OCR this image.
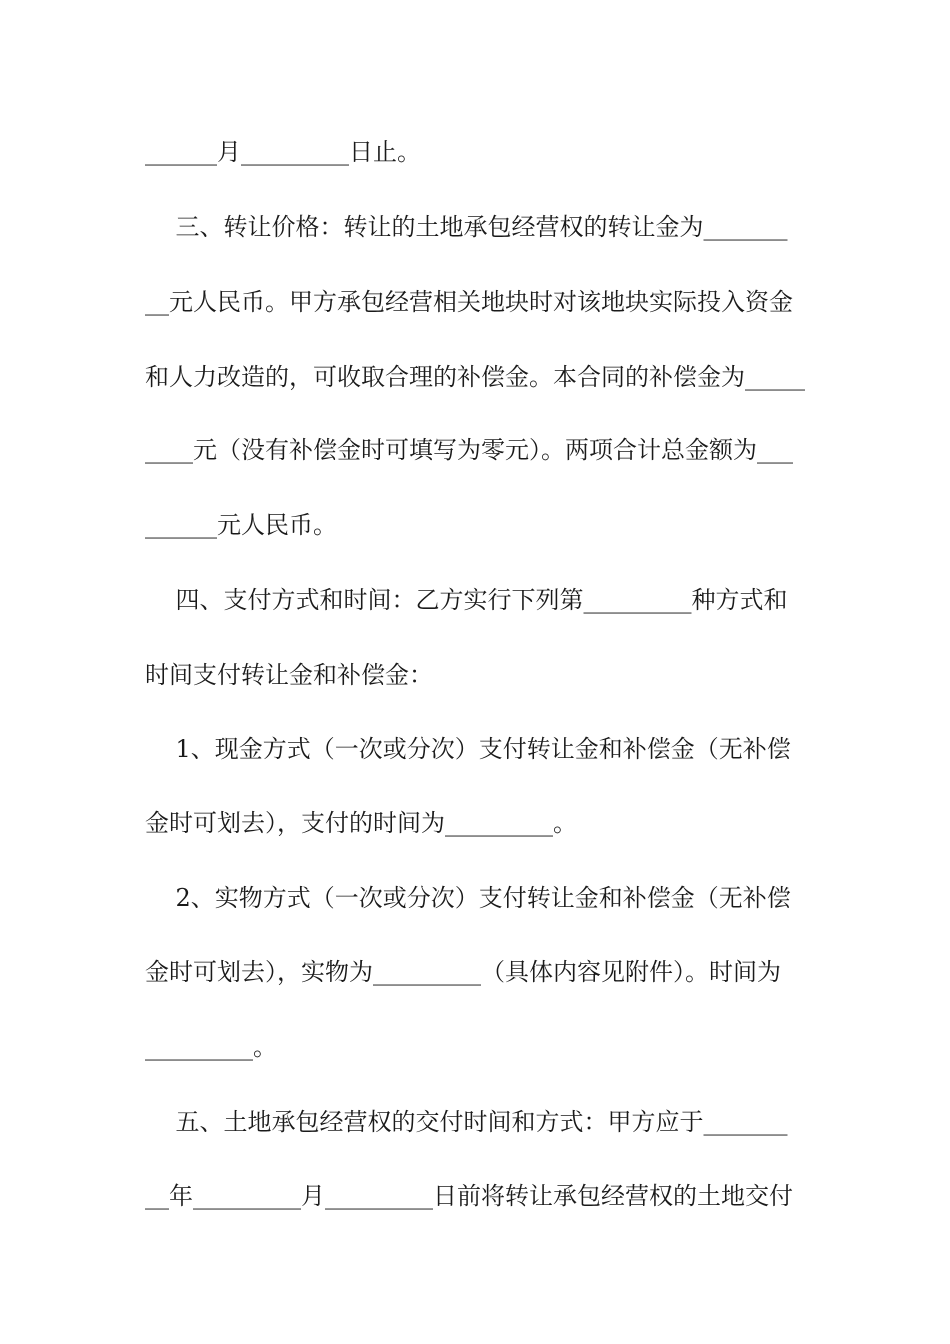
______月_________日止。
三、转让价格：转让的土地承包经营权的转让金为_______
__元人民币。甲方承包经营相关地块时对该地块实际投入资金
和人力改造的，可收取合理的补偿金。本合同的补偿金为_____
____元（没有补偿金时可填写为零元）。两项合计总金额为___
______元人民币。
四、支付方式和时间：乙方实行下列第_________种方式和
时间支付转让金和补偿金：
1、现金方式（一次或分次）支付转让金和补偿金（无补偿
金时可划去），支付的时间为_________。
2、实物方式（一次或分次）支付转让金和补偿金（无补偿
金时可划去），实物为_________（具体内容见附件）。时间为
_________。
五、土地承包经营权的交付时间和方式：甲方应于_______
__年_________月_________日前将转让承包经营权的土地交付
